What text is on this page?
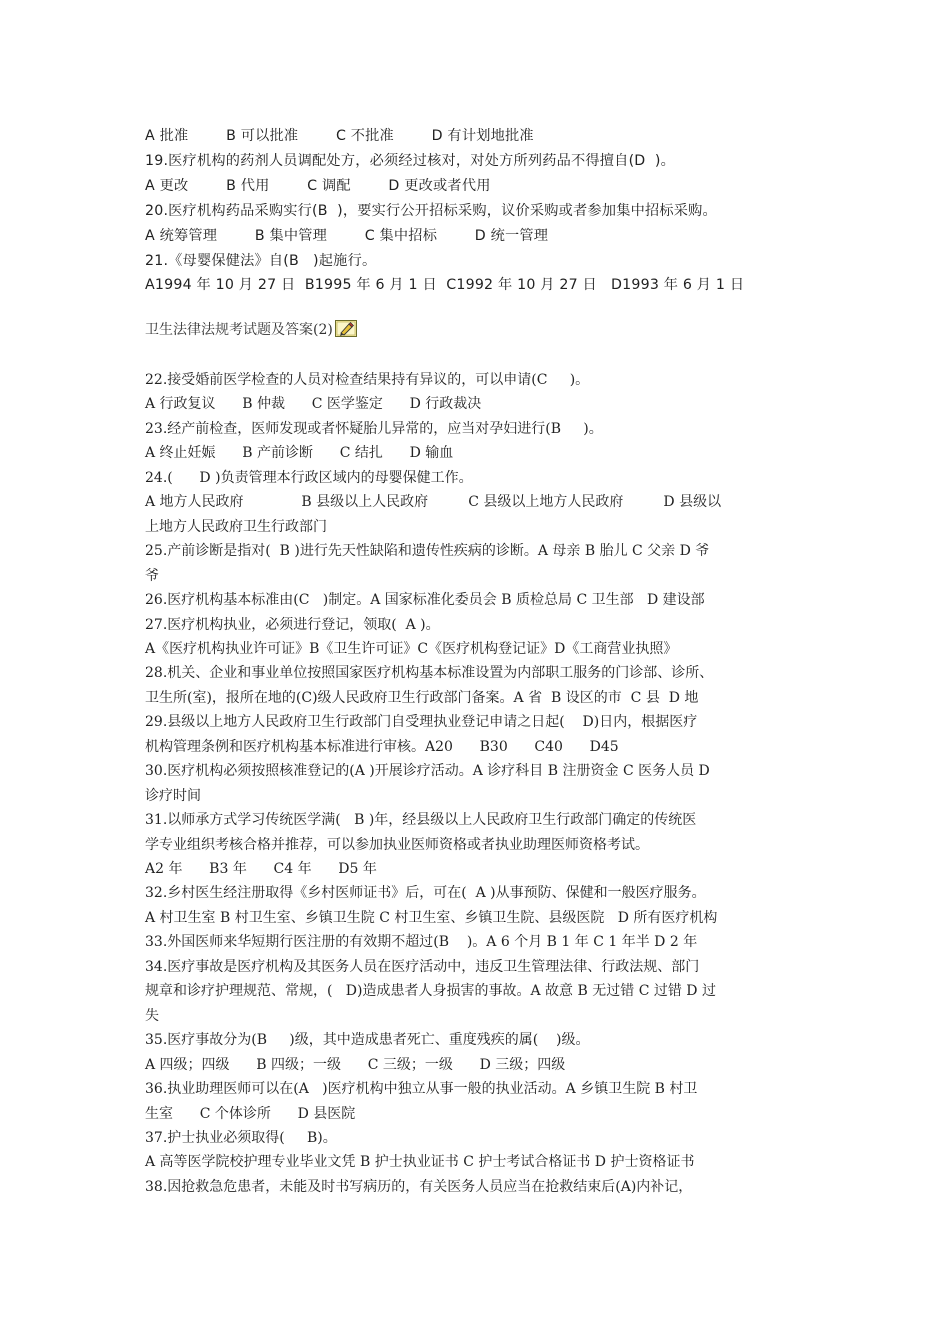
A 批准        B 可以批准        C 不批准        D 有计划地批准
19.医疗机构的药剂人员调配处方，必须经过核对，对处方所列药品不得擅自(D  )。
A 更改        B 代用        C 调配        D 更改或者代用
20.医疗机构药品采购实行(B  )，要实行公开招标采购，议价采购或者参加集中招标采购。
A 统筹管理        B 集中管理        C 集中招标        D 统一管理
21.《母婴保健法》自(B   )起施行。
A1994 年 10 月 27 日  B1995 年 6 月 1 日  C1992 年 10 月 27 日   D1993 年 6 月 1 日
卫生法律法规考试题及答案(2)
22.接受婚前医学检查的人员对检查结果持有异议的，可以申请(C     )。
A 行政复议      B 仲裁      C 医学鉴定      D 行政裁决
23.经产前检查，医师发现或者怀疑胎儿异常的，应当对孕妇进行(B     )。
A 终止妊娠      B 产前诊断      C 结扎      D 输血
24.(      D )负责管理本行政区域内的母婴保健工作。
A 地方人民政府             B 县级以上人民政府         C 县级以上地方人民政府         D 县级以
上地方人民政府卫生行政部门
25.产前诊断是指对(  B )进行先天性缺陷和遗传性疾病的诊断。A 母亲 B 胎儿 C 父亲 D 爷
爷
26.医疗机构基本标准由(C   )制定。A 国家标准化委员会 B 质检总局 C 卫生部   D 建设部
27.医疗机构执业，必须进行登记，领取(  A )。
A《医疗机构执业许可证》B《卫生许可证》C《医疗机构登记证》D《工商营业执照》
28.机关、企业和事业单位按照国家医疗机构基本标准设置为内部职工服务的门诊部、诊所、
卫生所(室)，报所在地的(C)级人民政府卫生行政部门备案。A 省  B 设区的市  C 县  D 地
29.县级以上地方人民政府卫生行政部门自受理执业登记申请之日起(    D)日内，根据医疗
机构管理条例和医疗机构基本标准进行审核。A20      B30      C40      D45
30.医疗机构必须按照核准登记的(A )开展诊疗活动。A 诊疗科目 B 注册资金 C 医务人员 D
诊疗时间
31.以师承方式学习传统医学满(   B )年，经县级以上人民政府卫生行政部门确定的传统医
学专业组织考核合格并推荐，可以参加执业医师资格或者执业助理医师资格考试。
A2 年      B3 年      C4 年      D5 年
32.乡村医生经注册取得《乡村医师证书》后，可在(  A )从事预防、保健和一般医疗服务。
A 村卫生室 B 村卫生室、乡镇卫生院 C 村卫生室、乡镇卫生院、县级医院   D 所有医疗机构
33.外国医师来华短期行医注册的有效期不超过(B    )。A 6 个月 B 1 年 C 1 年半 D 2 年
34.医疗事故是医疗机构及其医务人员在医疗活动中，违反卫生管理法律、行政法规、部门
规章和诊疗护理规范、常规，(   D)造成患者人身损害的事故。A 故意 B 无过错 C 过错 D 过
失
35.医疗事故分为(B     )级，其中造成患者死亡、重度残疾的属(    )级。
A 四级；四级      B 四级；一级      C 三级；一级      D 三级；四级
36.执业助理医师可以在(A   )医疗机构中独立从事一般的执业活动。A 乡镇卫生院 B 村卫
生室      C 个体诊所      D 县医院
37.护士执业必须取得(     B)。
A 高等医学院校护理专业毕业文凭 B 护士执业证书 C 护士考试合格证书 D 护士资格证书
38.因抢救急危患者，未能及时书写病历的，有关医务人员应当在抢救结束后(A)内补记，
